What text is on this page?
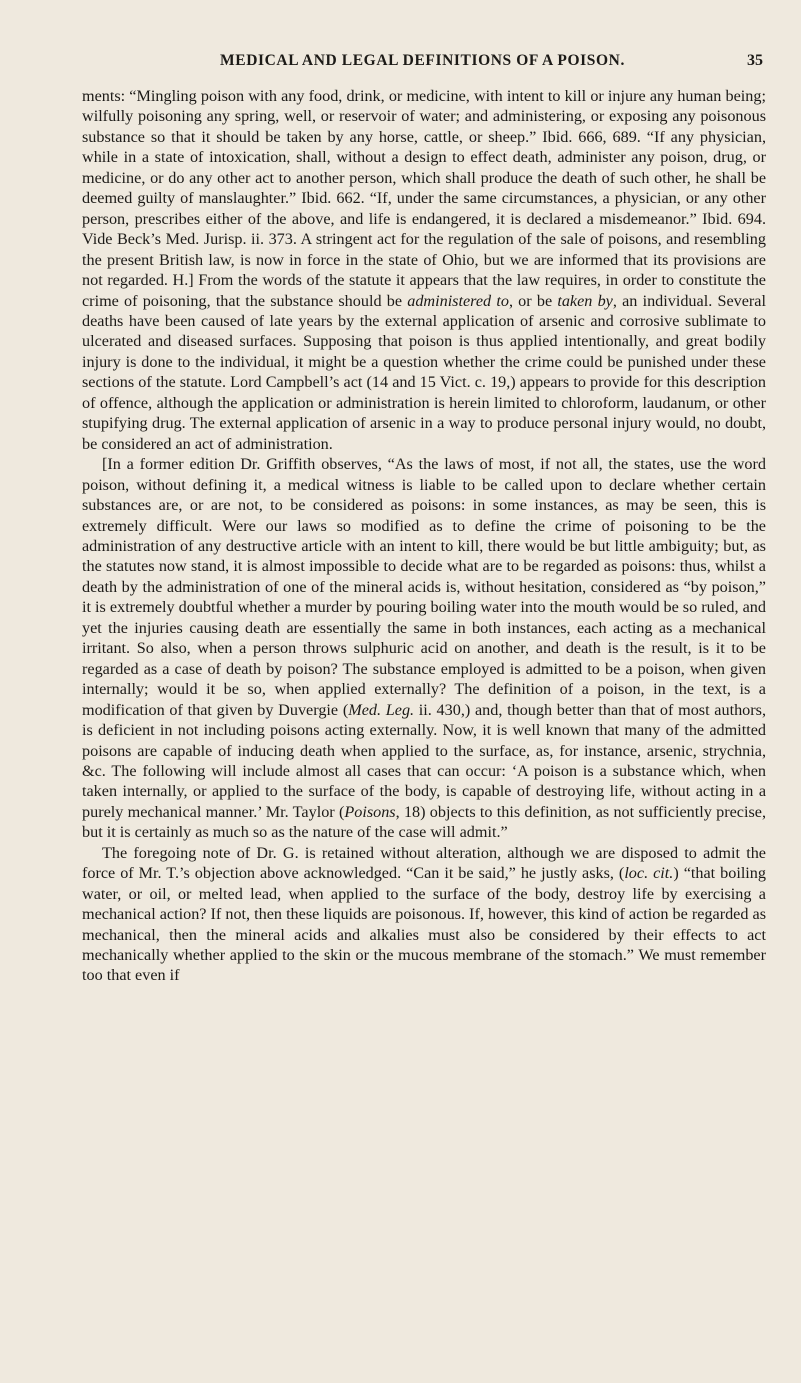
MEDICAL AND LEGAL DEFINITIONS OF A POISON.	35

ments: “Mingling poison with any food, drink, or medicine, with intent to kill or injure any human being; wilfully poisoning any spring, well, or reservoir of water; and administering, or exposing any poisonous substance so that it should be taken by any horse, cattle, or sheep.” Ibid. 666, 689. “If any physician, while in a state of intoxication, shall, without a design to effect death, administer any poison, drug, or medicine, or do any other act to another person, which shall produce the death of such other, he shall be deemed guilty of manslaughter.” Ibid. 662. “If, under the same circumstances, a physician, or any other person, prescribes either of the above, and life is endangered, it is declared a misdemeanor.” Ibid. 694. Vide Beck’s Med. Jurisp. ii. 373. A stringent act for the regulation of the sale of poisons, and resembling the present British law, is now in force in the state of Ohio, but we are informed that its provisions are not regarded. H.] From the words of the statute it appears that the law requires, in order to constitute the crime of poisoning, that the substance should be administered to, or be taken by, an individual. Several deaths have been caused of late years by the external application of arsenic and corrosive sublimate to ulcerated and diseased surfaces. Supposing that poison is thus applied intentionally, and great bodily injury is done to the individual, it might be a question whether the crime could be punished under these sections of the statute. Lord Campbell’s act (14 and 15 Vict. c. 19,) appears to provide for this description of offence, although the application or administration is herein limited to chloroform, laudanum, or other stupifying drug. The external application of arsenic in a way to produce personal injury would, no doubt, be considered an act of administration.

[In a former edition Dr. Griffith observes, “As the laws of most, if not all, the states, use the word poison, without defining it, a medical witness is liable to be called upon to declare whether certain substances are, or are not, to be considered as poisons: in some instances, as may be seen, this is extremely difficult. Were our laws so modified as to define the crime of poisoning to be the administration of any destructive article with an intent to kill, there would be but little ambiguity; but, as the statutes now stand, it is almost impossible to decide what are to be regarded as poisons: thus, whilst a death by the administration of one of the mineral acids is, without hesitation, considered as “by poison,” it is extremely doubtful whether a murder by pouring boiling water into the mouth would be so ruled, and yet the injuries causing death are essentially the same in both instances, each acting as a mechanical irritant. So also, when a person throws sulphuric acid on another, and death is the result, is it to be regarded as a case of death by poison? The substance employed is admitted to be a poison, when given internally; would it be so, when applied externally? The definition of a poison, in the text, is a modification of that given by Duvergie (Med. Leg. ii. 430,) and, though better than that of most authors, is deficient in not including poisons acting externally. Now, it is well known that many of the admitted poisons are capable of inducing death when applied to the surface, as, for instance, arsenic, strychnia, &c. The following will include almost all cases that can occur: ‘A poison is a substance which, when taken internally, or applied to the surface of the body, is capable of destroying life, without acting in a purely mechanical manner.’ Mr. Taylor (Poisons, 18) objects to this definition, as not sufficiently precise, but it is certainly as much so as the nature of the case will admit.”

The foregoing note of Dr. G. is retained without alteration, although we are disposed to admit the force of Mr. T.’s objection above acknowledged. “Can it be said,” he justly asks, (loc. cit.) “that boiling water, or oil, or melted lead, when applied to the surface of the body, destroy life by exercising a mechanical action? If not, then these liquids are poisonous. If, however, this kind of action be regarded as mechanical, then the mineral acids and alkalies must also be considered by their effects to act mechanically whether applied to the skin or the mucous membrane of the stomach.” We must remember too that even if
